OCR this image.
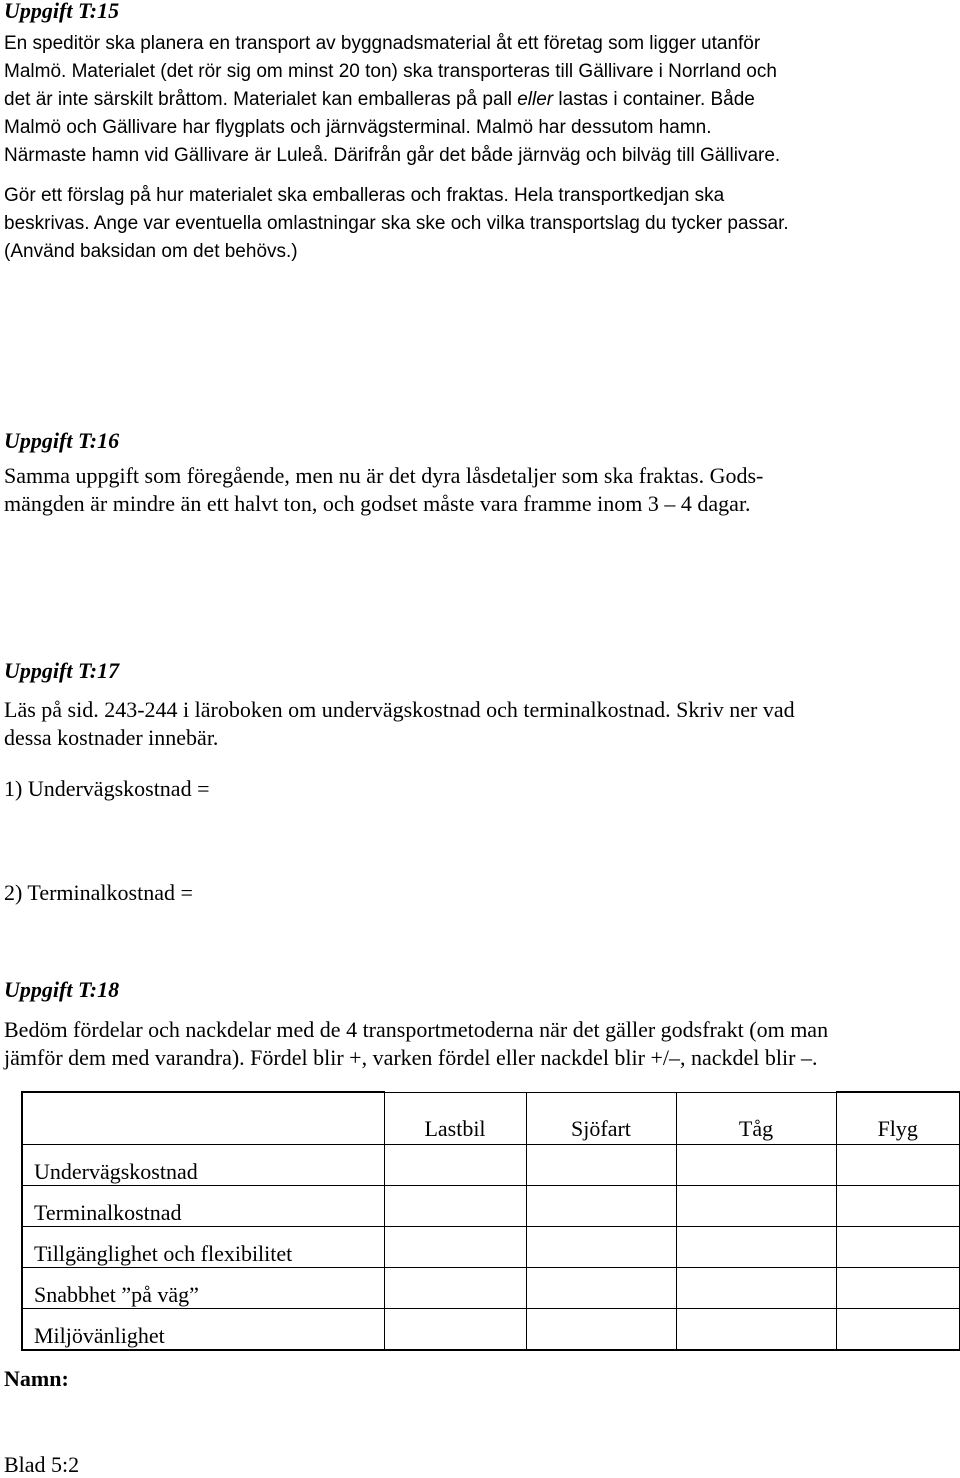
Uppgift T:15
En speditör ska planera en transport av byggnadsmaterial åt ett företag som ligger utanför
Malmö. Materialet (det rör sig om minst 20 ton) ska transporteras till Gällivare i Norrland och
det är inte särskilt bråttom. Materialet kan emballeras på pall eller lastas i container. Både
Malmö och Gällivare har flygplats och järnvägsterminal. Malmö har dessutom hamn.
Närmaste hamn vid Gällivare är Luleå. Därifrån går det både järnväg och bilväg till Gällivare.
Gör ett förslag på hur materialet ska emballeras och fraktas. Hela transportkedjan ska
beskrivas. Ange var eventuella omlastningar ska ske och vilka transportslag du tycker passar.
(Använd baksidan om det behövs.)
Uppgift T:16
Samma uppgift som föregående, men nu är det dyra låsdetaljer som ska fraktas. Gods-
mängden är mindre än ett halvt ton, och godset måste vara framme inom 3 – 4 dagar.
Uppgift T:17
Läs på sid. 243-244 i läroboken om undervägskostnad och terminalkostnad. Skriv ner vad
dessa kostnader innebär.
1) Undervägskostnad =
2) Terminalkostnad =
Uppgift T:18
Bedöm fördelar och nackdelar med de 4 transportmetoderna när det gäller godsfrakt (om man
jämför dem med varandra). Fördel blir +, varken fördel eller nackdel blir +/–, nackdel blir –.
	Lastbil	Sjöfart	Tåg	Flyg
Undervägskostnad				
Terminalkostnad				
Tillgänglighet och flexibilitet				
Snabbhet ”på väg”				
Miljövänlighet				
Namn:
Blad 5:2
